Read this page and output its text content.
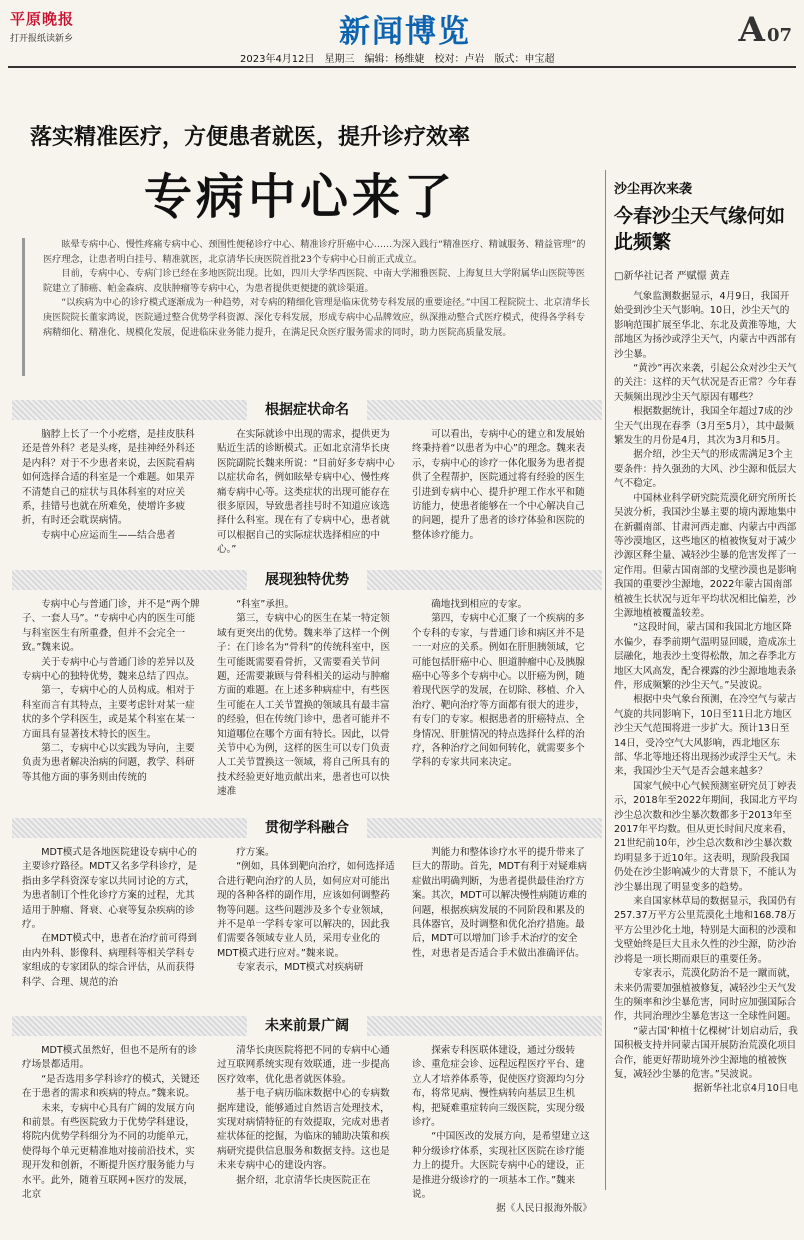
平原晚报
打开报纸读新乡	新闻博览	A 07
2023年4月12日　星期三　编辑：杨维婕　校对：卢岩　版式：申宝超
落实精准医疗，方便患者就医，提升诊疗效率
专病中心来了

眩晕专病中心、慢性疼痛专病中心、颈围性便秘诊疗中心、精准诊疗肝癌中心……为深入践行“精准医疗、精诚服务、精益管理”的医疗理念，让患者明白挂号、精准就医，北京清华长庚医院首批23个专病中心日前正式成立。

目前，专病中心、专病门诊已经在多地医院出现。比如，四川大学华西医院、中南大学湘雅医院、上海复旦大学附属华山医院等医院建立了肺癌、帕金森病、皮肤肿瘤等专病中心，为患者提供更便捷的就诊渠道。

“以疾病为中心的诊疗模式逐渐成为一种趋势，对专病的精细化管理是临床优势专科发展的重要途径。”中国工程院院士、北京清华长庚医院院长董家鸿说，医院通过整合优势学科资源、深化专科发展，形成专病中心品牌效应，纵深推动整合式医疗模式，使得各学科专病精细化、精准化、规模化发展，促进临床业务能力提升，在满足民众医疗服务需求的同时，助力医院高质量发展。

根据症状命名

脑脖上长了一个小疙瘩，是挂皮肤科还是普外科？老是头疼，是挂神经外科还是内科？对于不少患者来说，去医院看病如何选择合适的科室是一个难题。如果弄不清楚自己的症状与具体科室的对应关系，挂错号也就在所难免，使增许多疲折，有时还会耽误病情。

专病中心应运而生——结合患者

在实际就诊中出现的需求，提供更为贴近生活的诊断模式。正如北京清华长庚医院副院长魏来所说：“目前好多专病中心以症状命名，例如眩晕专病中心、慢性疼痛专病中心等。这类症状的出现可能存在很多原因，导致患者挂号时不知道应该选择什么科室。现在有了专病中心，患者就可以根据自己的实际症状选择相应的中心。”

可以看出，专病中心的建立和发展始终秉持着“以患者为中心”的理念。魏来表示，专病中心的诊疗一体化服务为患者提供了全程帮护，医院通过将有经验的医生引进到专病中心、提升护理工作水平和随访能力，使患者能够在一个中心解决自己的问题，提升了患者的诊疗体验和医院的整体诊疗能力。

展现独特优势

专病中心与普通门诊，并不是“两个牌子、一套人马”。“专病中心内的医生可能与科室医生有所重叠，但并不会完全一致。”魏来说。

关于专病中心与普通门诊的差异以及专病中心的独特优势，魏来总结了四点。

第一，专病中心的人员构成。相对于科室而言有其特点，主要考虑针对某一症状的多个学科医生，或是某个科室在某一方面具有显著技术特长的医生。

第二，专病中心以实践为导向，主要负责为患者解决治病的问题，教学、科研等其他方面的事务则由传统的

“科室”承担。

第三，专病中心的医生在某一特定领域有更突出的优势。魏来举了这样一个例子：在门诊名为“骨科”的传统科室中，医生可能既需要看骨折，又需要看关节问题，还需要兼顾与骨科相关的运动与肿瘤方面的难题。在上述多种病症中，有些医生可能在人工关节置换的领域具有最丰富的经验，但在传统门诊中，患者可能并不知道哪位在哪个方面有特长。因此，以骨关节中心为例，这样的医生可以专门负责人工关节置换这一领域，将自己所具有的技术经验更好地贡献出来，患者也可以快速准

确地找到相应的专家。

第四，专病中心汇聚了一个疾病的多个专科的专家，与普通门诊和病区并不是一一对应的关系。例如在肝胆胰领域，它可能包括肝癌中心、胆道肿瘤中心及胰腺癌中心等多个专病中心。以肝癌为例，随着现代医学的发展，在切除、移植、介入治疗、靶向治疗等方面都有很大的进步，有专门的专家。根据患者的肝癌特点、全身情况、肝脏情况的特点选择什么样的治疗，各种治疗之间如何转化，就需要多个学科的专家共同来决定。

贯彻学科融合

MDT模式是各地医院建设专病中心的主要诊疗路径。MDT又名多学科诊疗，是指由多学科资深专家以共同讨论的方式，为患者制订个性化诊疗方案的过程，尤其适用于肿瘤、肾衰、心衰等复杂疾病的诊疗。

在MDT模式中，患者在治疗前可得到由内外科、影像科、病理科等相关学科专家组成的专家团队的综合评估，从而获得科学、合理、规范的治

疗方案。

“例如，具体到靶向治疗，如何选择适合进行靶向治疗的人员，如何应对可能出现的各种各样的副作用，应该如何调整药物等问题。这些问题涉及多个专业领域，并不是单一学科专家可以解决的，因此我们需要各领域专业人员，采用专业化的MDT模式进行应对。”魏来说。

专家表示，MDT模式对疾病研

判能力和整体诊疗水平的提升带来了巨大的帮助。首先，MDT有利于对疑难病症做出明确判断，为患者提供最佳治疗方案。其次，MDT可以解决慢性病随访难的问题，根据疾病发展的不同阶段和累及的具体器官，及时调整和优化治疗措施。最后，MDT可以增加门诊手术治疗的安全性，对患者是否适合手术做出准确评估。

未来前景广阔

MDT模式虽然好，但也不是所有的诊疗场景都适用。

“是否选用多学科诊疗的模式，关键还在于患者的需求和疾病的特点。”魏来说。

未来，专病中心具有广阔的发展方向和前景。有些医院致力于优势学科建设，将院内优势学科细分为不同的功能单元，使得每个单元更精准地对接前沿技术，实现开发和创新，不断提升医疗服务能力与水平。此外，随着互联网+医疗的发展，北京

清华长庚医院将把不同的专病中心通过互联网系统实现有效联通，进一步提高医疗效率，优化患者就医体验。

基于电子病历临床数据中心的专病数据库建设，能够通过自然语言处理技术，实现对病情特征的有效提取，完成对患者症状体征的挖掘，为临床的辅助决策和疾病研究提供信息服务和数据支持。这也是未来专病中心的建设内容。

据介绍，北京清华长庚医院正在

探索专科医联体建设，通过分级转诊、重危症会诊、远程远程医疗平台、建立人才培养体系等，促使医疗资源均匀分布，将常见病、慢性病转向基层卫生机构，把疑难重症转向三级医院，实现分级诊疗。

“中国医改的发展方向，是希望建立这种分级诊疗体系，实现社区医院在诊疗能力上的提升。大医院专病中心的建设，正是推进分级诊疗的一项基本工作。”魏来说。

据《人民日报海外版》

沙尘再次来袭
今春沙尘天气缘何如此频繁
□新华社记者 严赋憬 黄垚

气象监测数据显示，4月9日，我国开始受到沙尘天气影响。10日，沙尘天气的影响范围扩展至华北、东北及黄淮等地，大部地区为扬沙或浮尘天气，内蒙古中西部有沙尘暴。

“黄沙”再次来袭，引起公众对沙尘天气的关注：这样的天气状况是否正常？今年春天频频出现沙尘天气原因有哪些？

根据数据统计，我国全年超过7成的沙尘天气出现在春季（3月至5月），其中最频繁发生的月份是4月，其次为3月和5月。

据介绍，沙尘天气的形成需满足3个主要条件：持久强劲的大风、沙尘源和低层大气不稳定。

中国林业科学研究院荒漠化研究所所长吴波分析，我国沙尘暴主要的境内源地集中在新疆南部、甘肃河西走廊、内蒙古中西部等沙漠地区，这些地区的植被恢复对于减少沙源区释尘量、减轻沙尘暴的危害发挥了一定作用。但蒙古国南部的戈壁沙漠也是影响我国的重要沙尘源地，2022年蒙古国南部植被生长状况与近年平均状况相比偏差，沙尘源地植被覆盖较差。

“这段时间，蒙古国和我国北方地区降水偏少，春季前期气温明显回暖，造成冻土层融化，地表沙土变得松散，加之春季北方地区大风高发，配合裸露的沙尘源地地表条件，形成频繁的沙尘天气。”吴波说。

根据中央气象台预测，在冷空气与蒙古气旋的共同影响下，10日至11日北方地区沙尘天气范围将进一步扩大。预计13日至14日，受冷空气大风影响，西北地区东部、华北等地还将出现扬沙或浮尘天气。未来，我国沙尘天气是否会越来越多？

国家气候中心气候预测室研究员丁婷表示，2018年至2022年期间，我国北方平均沙尘总次数和沙尘暴次数都多于2013年至2017年平均数。但从更长时间尺度来看，21世纪前10年，沙尘总次数和沙尘暴次数均明显多于近10年。这表明，现阶段我国仍处在沙尘影响减少的大背景下，不能认为沙尘暴出现了明显变多的趋势。

来自国家林草局的数据显示，我国仍有257.37万平方公里荒漠化土地和168.78万平方公里沙化土地，特别是大面积的沙漠和戈壁始终是巨大且永久性的沙尘源，防沙治沙将是一项长期而艰巨的重要任务。

专家表示，荒漠化防治不是一蹴而就，未来仍需要加强植被修复，减轻沙尘天气发生的频率和沙尘暴危害，同时应加强国际合作，共同治理沙尘暴危害这一全球性问题。

“蒙古国‘种植十亿棵树’计划启动后，我国积极支持并同蒙古国开展防治荒漠化项目合作，能更好帮助境外沙尘源地的植被恢复，减轻沙尘暴的危害。”吴波说。

据新华社北京4月10日电
